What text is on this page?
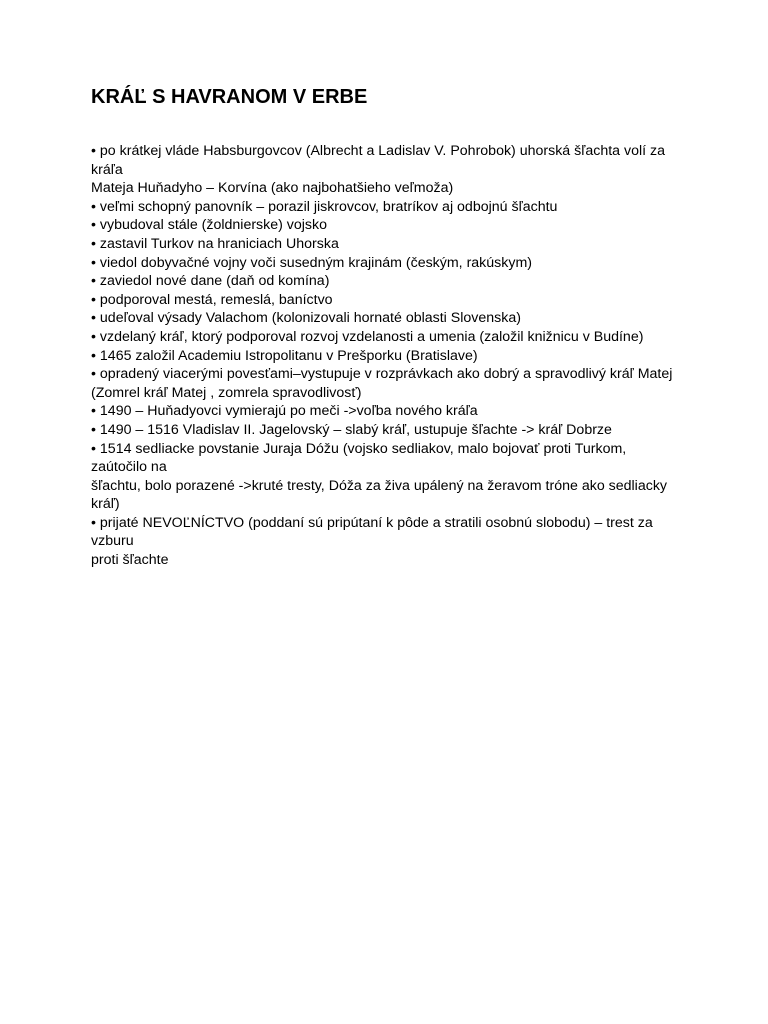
KRÁĽ S HAVRANOM V ERBE
• po krátkej vláde Habsburgovcov (Albrecht a Ladislav V. Pohrobok) uhorská šľachta volí za
kráľa
Mateja Huňadyho – Korvína (ako najbohatšieho veľmoža)
• veľmi schopný panovník – porazil jiskrovcov, bratríkov aj odbojnú šľachtu
• vybudoval stále (žoldnierske) vojsko
• zastavil Turkov na hraniciach Uhorska
• viedol dobyvačné vojny voči susedným krajinám (českým, rakúskym)
• zaviedol nové dane (daň od komína)
• podporoval mestá, remeslá, baníctvo
• udeľoval výsady Valachom (kolonizovali hornaté oblasti Slovenska)
• vzdelaný kráľ, ktorý podporoval rozvoj vzdelanosti a umenia (založil knižnicu v Budíne)
• 1465 založil Academiu Istropolitanu v Prešporku (Bratislave)
• opradený viacerými povesťami–vystupuje v rozprávkach ako dobrý a spravodlivý kráľ Matej
(Zomrel kráľ Matej , zomrela spravodlivosť)
• 1490 – Huňadyovci vymierajú po meči ->voľba nového kráľa
• 1490 – 1516 Vladislav II. Jagelovský – slabý kráľ, ustupuje šľachte -> kráľ Dobrze
• 1514 sedliacke povstanie Juraja Dóžu (vojsko sedliakov, malo bojovať proti Turkom,
zaútočilo na
šľachtu, bolo porazené ->kruté tresty, Dóža za živa upálený na žeravom tróne ako sedliacky
kráľ)
• prijaté NEVOĽNÍCTVO (poddaní sú pripútaní k pôde a stratili osobnú slobodu) – trest za
vzburu
proti šľachte
